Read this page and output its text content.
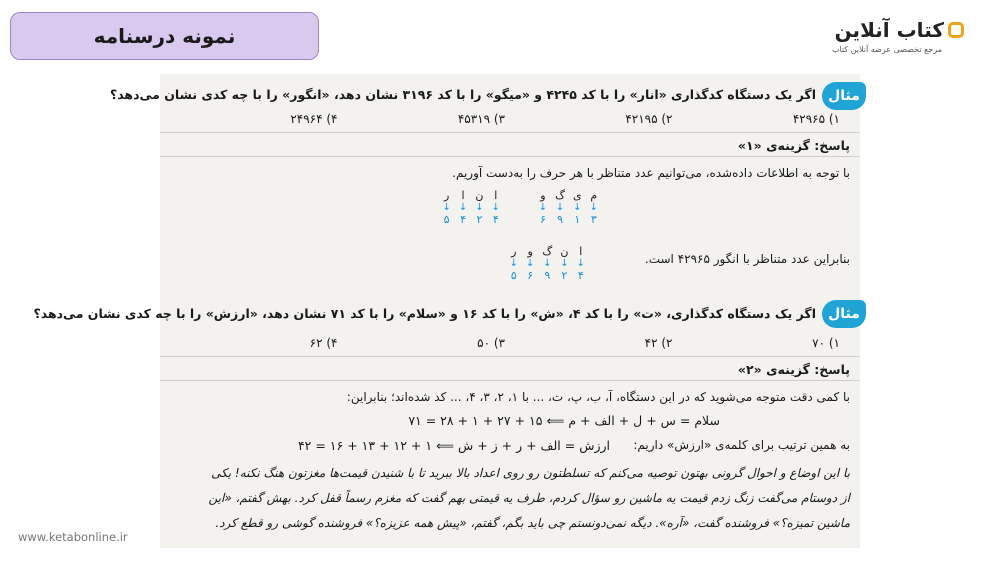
نمونه درسنامه	کتاب آنلاین
مرجع تخصصی عرضه آنلاین کتاب
مثال
اگر یک دستگاه کدگذاری «انار» را با کد ۴۲۴۵ و «میگو» را با کد ۳۱۹۶ نشان دهد، «انگور» را با چه کدی نشان می‌دهد؟
۱) ۴۲۹۶۵
۲) ۴۲۱۹۵
۳) ۴۵۳۱۹
۴) ۲۴۹۶۴
پاسخ: گزینه‌ی «۱»
با توجه به اطلاعات داده‌شده، می‌توانیم عدد متناظر با هر حرف را به‌دست آوریم.
م
↓
۳
ی
↓
۱
گ
↓
۹
و
↓
۶
ا
↓
۴
ن
↓
۲
ا
↓
۴
ر
↓
۵
بنابراین عدد متناظر با انگور ۴۲۹۶۵ است.
ا
↓
۴
ن
↓
۲
گ
↓
۹
و
↓
۶
ر
↓
۵
مثال
اگر یک دستگاه کدگذاری، «ت» را با کد ۴، «ش» را با کد ۱۶ و «سلام» را با کد ۷۱ نشان دهد، «ارزش» را با چه کدی نشان می‌دهد؟
۱) ۷۰
۲) ۴۲
۳) ۵۰
۴) ۶۲
پاسخ: گزینه‌ی «۲»
با کمی دقت متوجه می‌شوید که در این دستگاه، آ، ب، پ، ت، ... با ۱، ۲، ۳، ۴، ... کد شده‌اند؛ بنابراین:
سلام = س + ل + الف + م ⟸ ۱۵ + ۲۷ + ۱ + ۲۸ = ۷۱
به همین ترتیب برای کلمه‌ی «ارزش» داریم:
ارزش = الف + ر + ز + ش ⟸ ۱ + ۱۲ + ۱۳ + ۱۶ = ۴۲
با این اوضاع و احوال گرونی بهتون توصیه می‌کنم که تسلطتون رو روی اعداد بالا ببرید تا با شنیدن قیمت‌ها مغزتون هنگ نکنه! یکی
از دوستام می‌گفت زنگ زدم قیمت یه ماشین رو سؤال کردم، طرف یه قیمتی بهم گفت که مغزم رسماً قفل کرد. بهش گفتم، «این
ماشین تمیزه؟» فروشنده گفت، «آره». دیگه نمی‌دونستم چی باید بگم، گفتم، «پیش همه عزیزه؟» فروشنده گوشی رو قطع کرد.
www.ketabonline.ir
